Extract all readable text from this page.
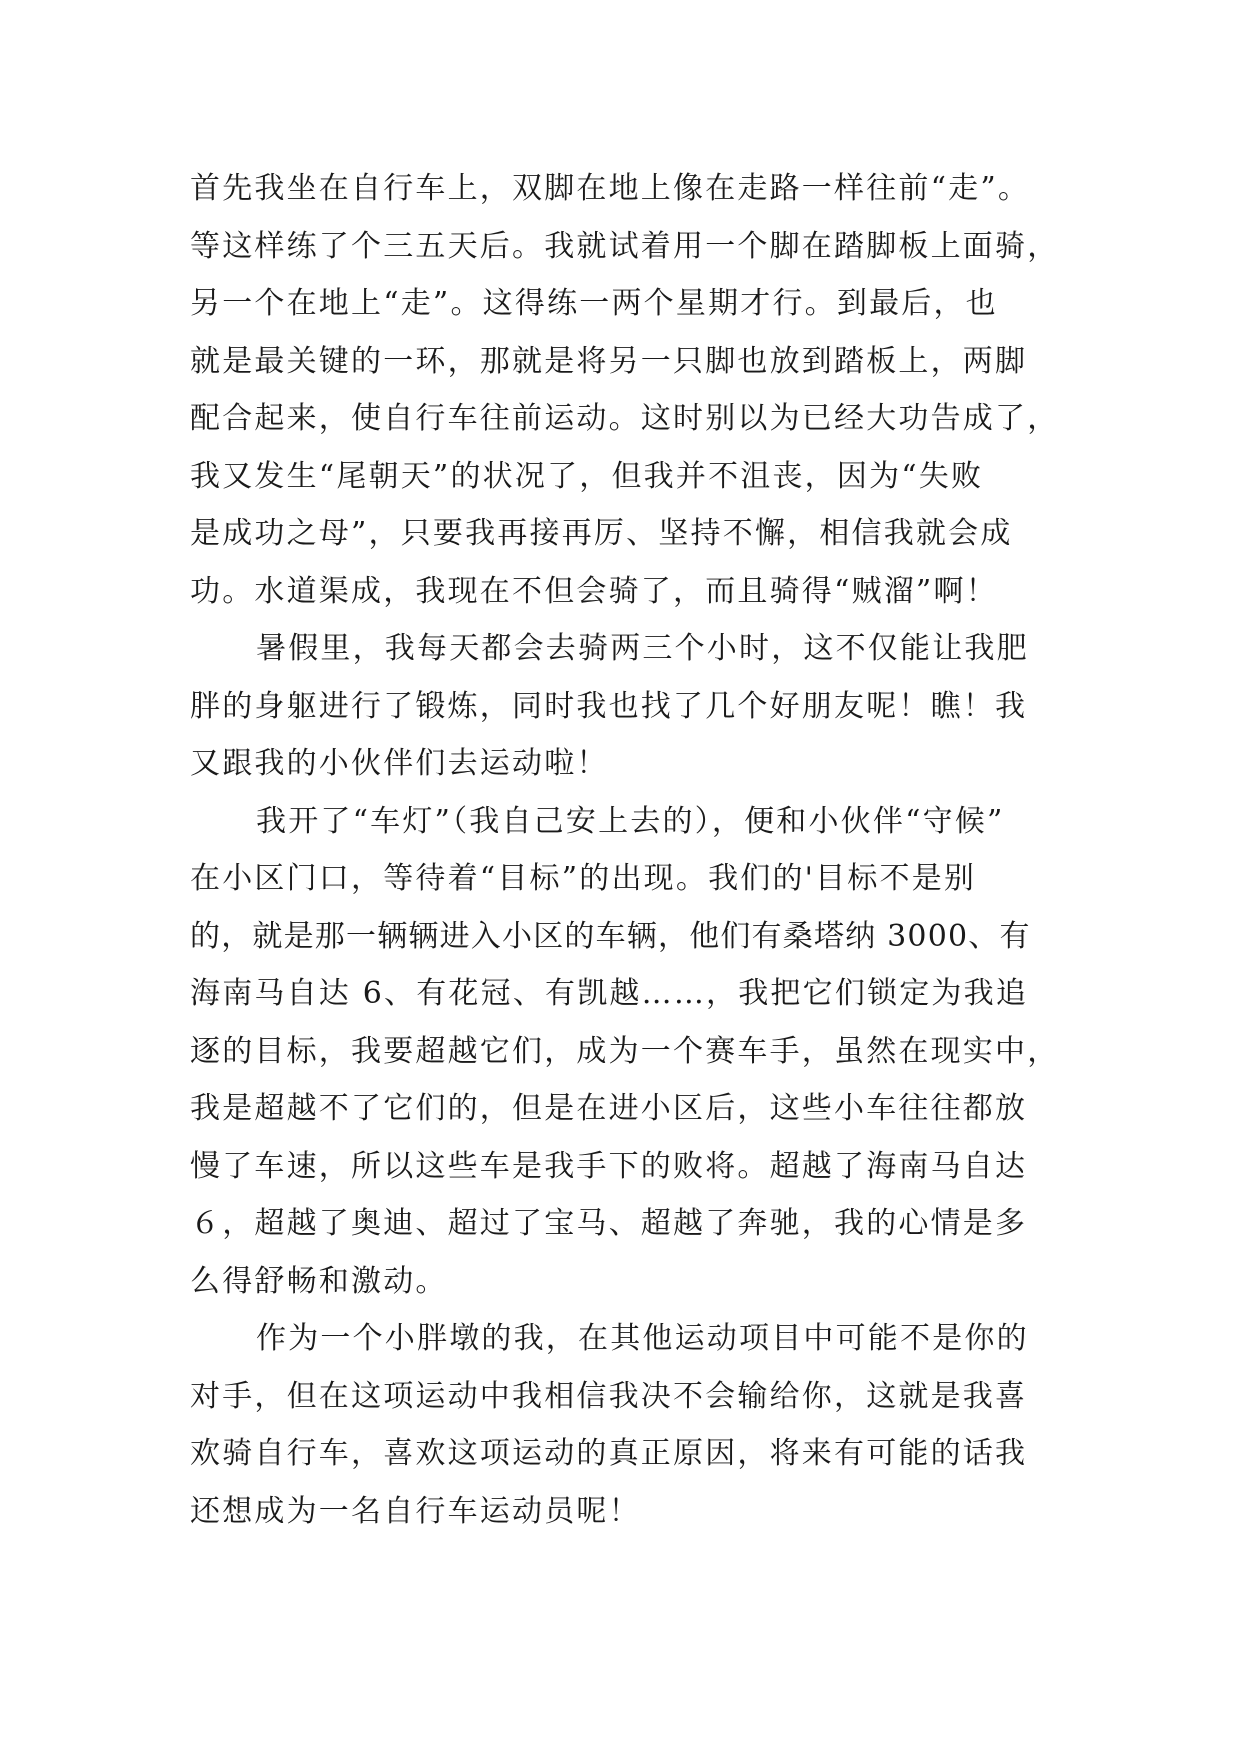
首先我坐在自行车上，双脚在地上像在走路一样往前“走”。
等这样练了个三五天后。我就试着用一个脚在踏脚板上面骑，
另一个在地上“走”。这得练一两个星期才行。到最后，也
就是最关键的一环，那就是将另一只脚也放到踏板上，两脚
配合起来，使自行车往前运动。这时别以为已经大功告成了，
我又发生“尾朝天”的状况了，但我并不沮丧，因为“失败
是成功之母”，只要我再接再厉、坚持不懈，相信我就会成
功。水道渠成，我现在不但会骑了，而且骑得“贼溜”啊！
暑假里，我每天都会去骑两三个小时，这不仅能让我肥
胖的身躯进行了锻炼，同时我也找了几个好朋友呢！瞧！我
又跟我的小伙伴们去运动啦！
我开了“车灯”（我自己安上去的），便和小伙伴“守候”
在小区门口，等待着“目标”的出现。我们的'目标不是别
的，就是那一辆辆进入小区的车辆，他们有桑塔纳 3000、有
海南马自达 6、有花冠、有凯越……，我把它们锁定为我追
逐的目标，我要超越它们，成为一个赛车手，虽然在现实中，
我是超越不了它们的，但是在进小区后，这些小车往往都放
慢了车速，所以这些车是我手下的败将。超越了海南马自达
６，超越了奥迪、超过了宝马、超越了奔驰，我的心情是多
么得舒畅和激动。
作为一个小胖墩的我，在其他运动项目中可能不是你的
对手，但在这项运动中我相信我决不会输给你，这就是我喜
欢骑自行车，喜欢这项运动的真正原因，将来有可能的话我
还想成为一名自行车运动员呢！
